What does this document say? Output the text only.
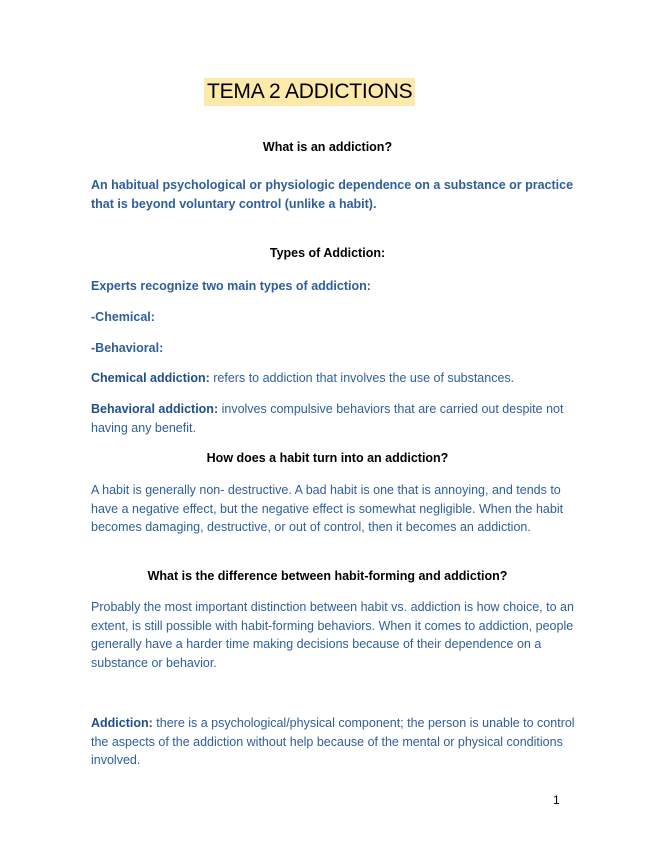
TEMA 2 ADDICTIONS
What is an addiction?
An habitual psychological or physiologic dependence on a substance or practice that is beyond voluntary control (unlike a habit).
Types of Addiction:
Experts recognize two main types of addiction:
-Chemical:
-Behavioral:
Chemical addiction: refers to addiction that involves the use of substances.
Behavioral addiction: involves compulsive behaviors that are carried out despite not having any benefit.
How does a habit turn into an addiction?
A habit is generally non- destructive. A bad habit is one that is annoying, and tends to have a negative effect, but the negative effect is somewhat negligible. When the habit becomes damaging, destructive, or out of control, then it becomes an addiction.
What is the difference between habit-forming and addiction?
Probably the most important distinction between habit vs. addiction is how choice, to an extent, is still possible with habit-forming behaviors. When it comes to addiction, people generally have a harder time making decisions because of their dependence on a substance or behavior.
Addiction: there is a psychological/physical component; the person is unable to control the aspects of the addiction without help because of the mental or physical conditions involved.
1
